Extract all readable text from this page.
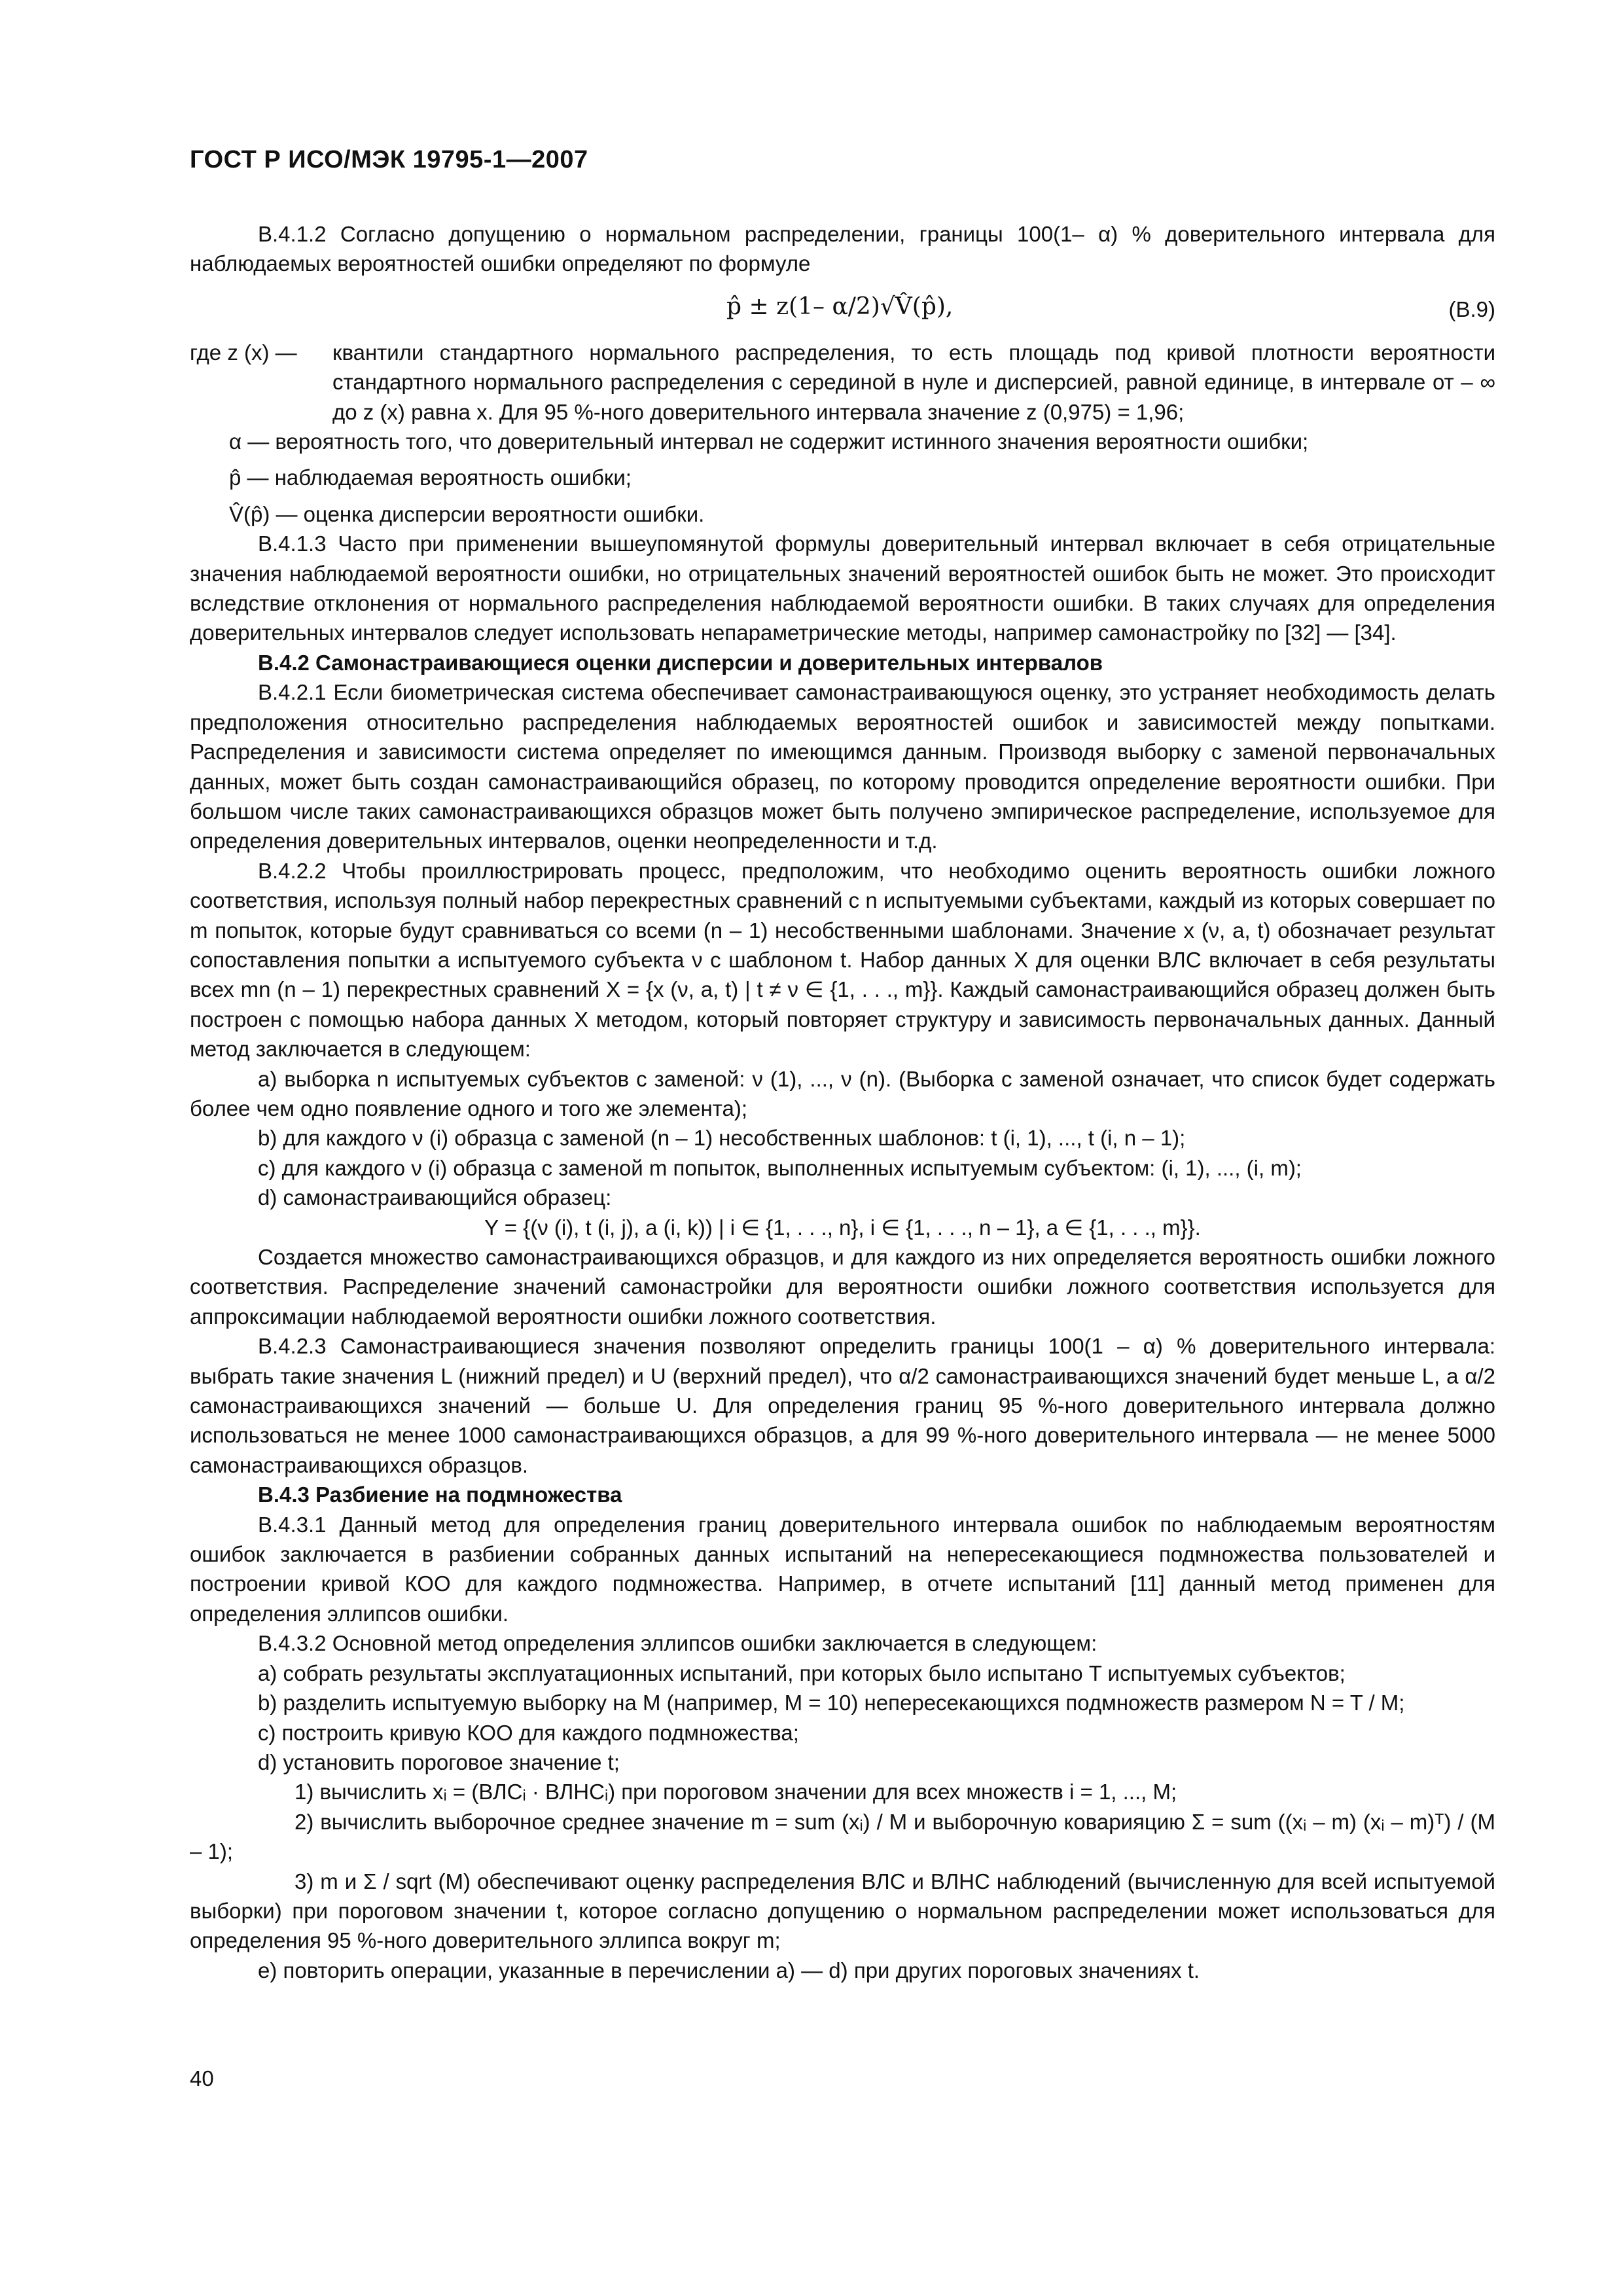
ГОСТ Р ИСО/МЭК 19795-1—2007

В.4.1.2 Согласно допущению о нормальном распределении, границы 100(1– α) % доверительного интервала для наблюдаемых вероятностей ошибки определяют по формуле

p̂ ± z(1– α/2)√V̂(p̂),	(B.9)
где z (x) —	квантили стандартного нормального распределения, то есть площадь под кривой плотности вероятности стандартного нормального распределения с серединой в нуле и дисперсией, равной единице, в интервале от – ∞ до z (x) равна x. Для 95 %-ного доверительного интервала значение z (0,975) = 1,96;

α — вероятность того, что доверительный интервал не содержит истинного значения вероятности ошибки;

p̂ — наблюдаемая вероятность ошибки;

V̂(p̂) — оценка дисперсии вероятности ошибки.

В.4.1.3 Часто при применении вышеупомянутой формулы доверительный интервал включает в себя отрицательные значения наблюдаемой вероятности ошибки, но отрицательных значений вероятностей ошибок быть не может. Это происходит вследствие отклонения от нормального распределения наблюдаемой вероятности ошибки. В таких случаях для определения доверительных интервалов следует использовать непараметрические методы, например самонастройку по [32] — [34].

В.4.2 Самонастраивающиеся оценки дисперсии и доверительных интервалов

В.4.2.1 Если биометрическая система обеспечивает самонастраивающуюся оценку, это устраняет необходимость делать предположения относительно распределения наблюдаемых вероятностей ошибок и зависимостей между попытками. Распределения и зависимости система определяет по имеющимся данным. Производя выборку с заменой первоначальных данных, может быть создан самонастраивающийся образец, по которому проводится определение вероятности ошибки. При большом числе таких самонастраивающихся образцов может быть получено эмпирическое распределение, используемое для определения доверительных интервалов, оценки неопределенности и т.д.

В.4.2.2 Чтобы проиллюстрировать процесс, предположим, что необходимо оценить вероятность ошибки ложного соответствия, используя полный набор перекрестных сравнений с n испытуемыми субъектами, каждый из которых совершает по m попыток, которые будут сравниваться со всеми (n – 1) несобственными шаблонами. Значение x (ν, a, t) обозначает результат сопоставления попытки a испытуемого субъекта ν с шаблоном t. Набор данных X для оценки ВЛС включает в себя результаты всех mn (n – 1) перекрестных сравнений X = {x (ν, a, t) | t ≠ ν ∈ {1, . . ., m}}. Каждый самонастраивающийся образец должен быть построен с помощью набора данных X методом, который повторяет структуру и зависимость первоначальных данных. Данный метод заключается в следующем:

а) выборка n испытуемых субъектов с заменой: ν (1), ..., ν (n). (Выборка с заменой означает, что список будет содержать более чем одно появление одного и того же элемента);

b) для каждого ν (i) образца с заменой (n – 1) несобственных шаблонов: t (i, 1), ..., t (i, n – 1);

с) для каждого ν (i) образца с заменой m попыток, выполненных испытуемым субъектом: (i, 1), ..., (i, m);

d) самонастраивающийся образец:

Y = {(ν (i), t (i, j), a (i, k)) | i ∈ {1, . . ., n}, i ∈ {1, . . ., n – 1}, a ∈ {1, . . ., m}}.

Создается множество самонастраивающихся образцов, и для каждого из них определяется вероятность ошибки ложного соответствия. Распределение значений самонастройки для вероятности ошибки ложного соответствия используется для аппроксимации наблюдаемой вероятности ошибки ложного соответствия.

В.4.2.3 Самонастраивающиеся значения позволяют определить границы 100(1 – α) % доверительного интервала: выбрать такие значения L (нижний предел) и U (верхний предел), что α/2 самонастраивающихся значений будет меньше L, а α/2 самонастраивающихся значений — больше U. Для определения границ 95 %-ного доверительного интервала должно использоваться не менее 1000 самонастраивающихся образцов, а для 99 %-ного доверительного интервала — не менее 5000 самонастраивающихся образцов.

В.4.3 Разбиение на подмножества

В.4.3.1 Данный метод для определения границ доверительного интервала ошибок по наблюдаемым вероятностям ошибок заключается в разбиении собранных данных испытаний на непересекающиеся подмножества пользователей и построении кривой КОО для каждого подмножества. Например, в отчете испытаний [11] данный метод применен для определения эллипсов ошибки.

В.4.3.2 Основной метод определения эллипсов ошибки заключается в следующем:

а) собрать результаты эксплуатационных испытаний, при которых было испытано T испытуемых субъектов;

b) разделить испытуемую выборку на M (например, M = 10) непересекающихся подмножеств размером N = T / M;

с) построить кривую КОО для каждого подмножества;

d) установить пороговое значение t;

1) вычислить xᵢ = (ВЛСᵢ · ВЛНСᵢ) при пороговом значении для всех множеств i = 1, ..., M;

2) вычислить выборочное среднее значение m = sum (xᵢ) / M и выборочную коварияцию Σ = sum ((xᵢ – m) (xᵢ – m)ᵀ) / (M – 1);

3) m и Σ / sqrt (M) обеспечивают оценку распределения ВЛС и ВЛНС наблюдений (вычисленную для всей испытуемой выборки) при пороговом значении t, которое согласно допущению о нормальном распределении может использоваться для определения 95 %-ного доверительного эллипса вокруг m;

е) повторить операции, указанные в перечислении а) — d) при других пороговых значениях t.

40
